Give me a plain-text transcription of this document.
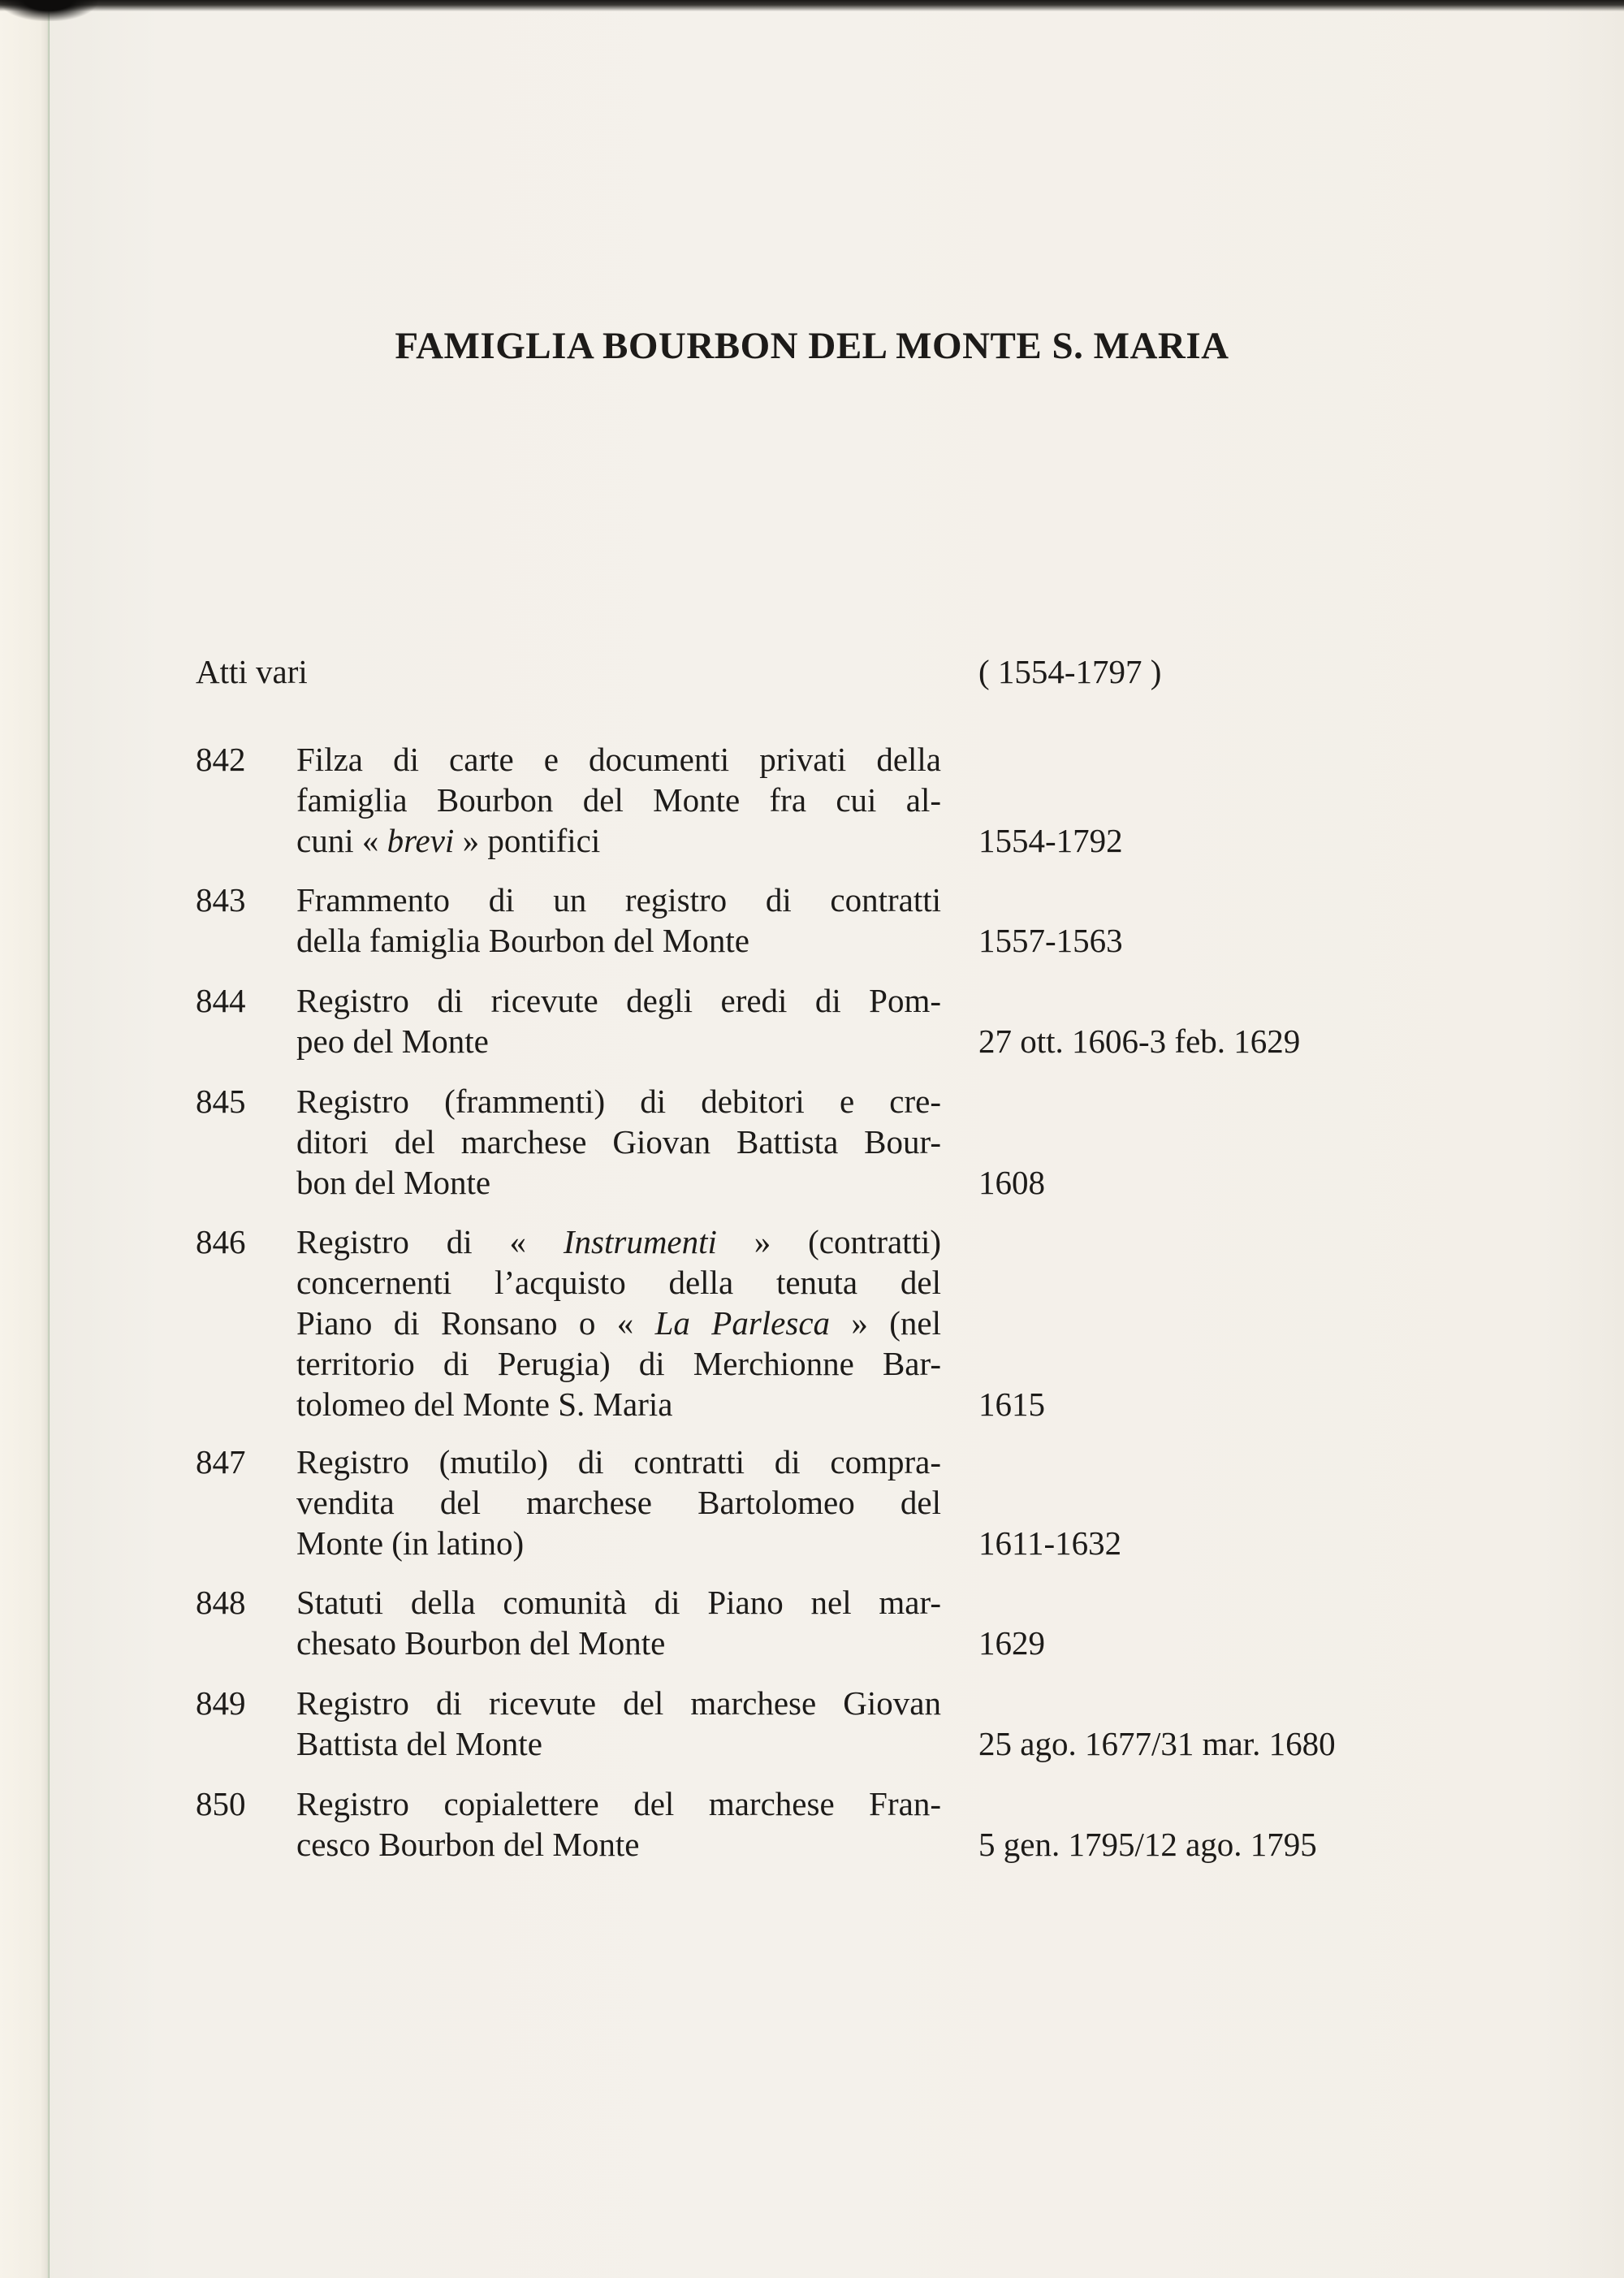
FAMIGLIA BOURBON DEL MONTE S. MARIA
Atti vari	( 1554-1797 )
842	Filza di carte e documenti privati della
famiglia Bourbon del Monte fra cui al-
cuni « brevi » pontifici	1554-1792
843	Frammento di un registro di contratti
della famiglia Bourbon del Monte	1557-1563
844	Registro di ricevute degli eredi di Pom-
peo del Monte	27 ott. 1606-3 feb. 1629
845	Registro (frammenti) di debitori e cre-
ditori del marchese Giovan Battista Bour-
bon del Monte	1608
846	Registro di « Instrumenti » (contratti)
concernenti l’acquisto della tenuta del
Piano di Ronsano o « La Parlesca » (nel
territorio di Perugia) di Merchionne Bar-
tolomeo del Monte S. Maria	1615
847	Registro (mutilo) di contratti di compra-
vendita del marchese Bartolomeo del
Monte (in latino)	1611-1632
848	Statuti della comunità di Piano nel mar-
chesato Bourbon del Monte	1629
849	Registro di ricevute del marchese Giovan
Battista del Monte	25 ago. 1677/31 mar. 1680
850	Registro copialettere del marchese Fran-
cesco Bourbon del Monte	5 gen. 1795/12 ago. 1795
